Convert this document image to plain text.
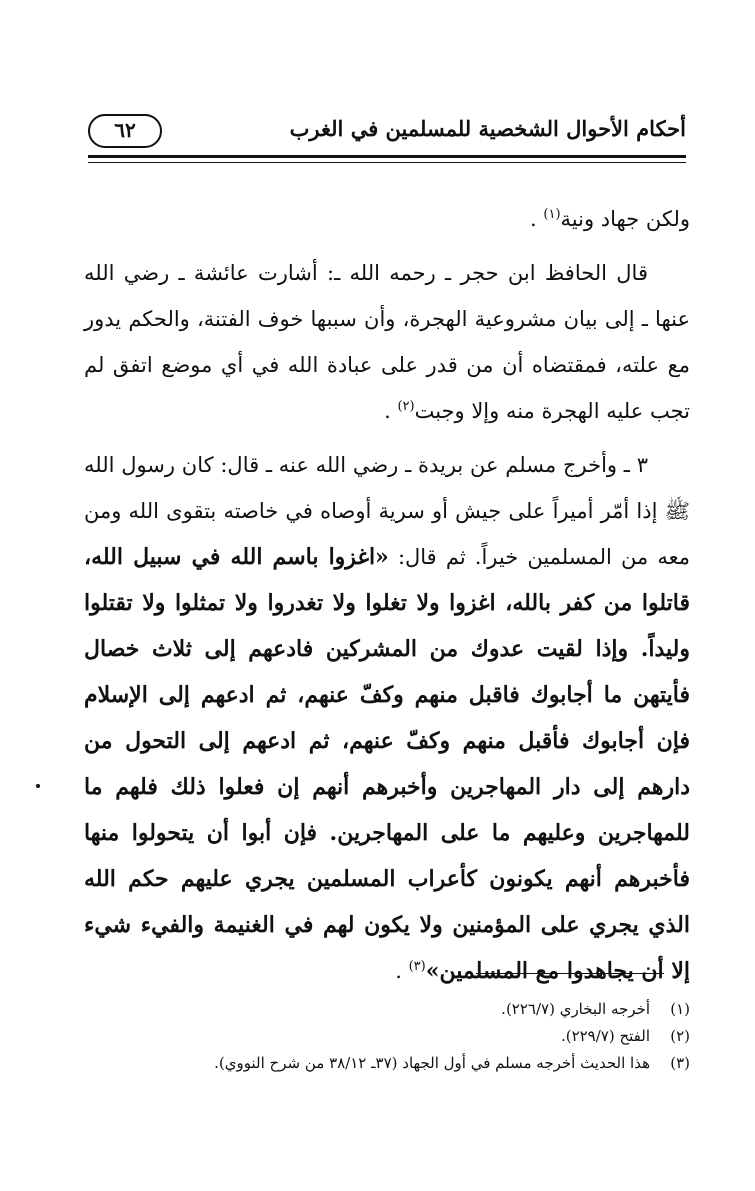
أحكام الأحوال الشخصية للمسلمين في الغرب
٦٢

ولكن جهاد ونية$^{(١)}$ .

قال الحافظ ابن حجر ـ رحمه الله ـ: أشارت عائشة ـ رضي الله عنها ـ إلى بيان مشروعية الهجرة، وأن سببها خوف الفتنة، والحكم يدور مع علته، فمقتضاه أن من قدر على عبادة الله في أي موضع اتفق لم تجب عليه الهجرة منه وإلا وجبت$^{(٢)}$ .

٣ ـ وأخرج مسلم عن بريدة ـ رضي الله عنه ـ قال: كان رسول الله ﷺ إذا أمّر أميراً على جيش أو سرية أوصاه في خاصته بتقوى الله ومن معه من المسلمين خيراً. ثم قال: «اغزوا باسم الله في سبيل الله، قاتلوا من كفر بالله، اغزوا ولا تغلوا ولا تغدروا ولا تمثلوا ولا تقتلوا وليداً. وإذا لقيت عدوك من المشركين فادعهم إلى ثلاث خصال فأيتهن ما أجابوك فاقبل منهم وكفّ عنهم، ثم ادعهم إلى الإسلام فإن أجابوك فأقبل منهم وكفّ عنهم، ثم ادعهم إلى التحول من دارهم إلى دار المهاجرين وأخبرهم أنهم إن فعلوا ذلك فلهم ما للمهاجرين وعليهم ما على المهاجرين. فإن أبوا أن يتحولوا منها فأخبرهم أنهم يكونون كأعراب المسلمين يجري عليهم حكم الله الذي يجري على المؤمنين ولا يكون لهم في الغنيمة والفيء شيء إلا أن يجاهدوا مع المسلمين»$^{(٣)}$ .

(١)أخرجه البخاري (٢٢٦/٧).
(٢)الفتح (٢٢٩/٧).
(٣)هذا الحديث أخرجه مسلم في أول الجهاد (٣٧ـ ٣٨/١٢ من شرح النووي).
